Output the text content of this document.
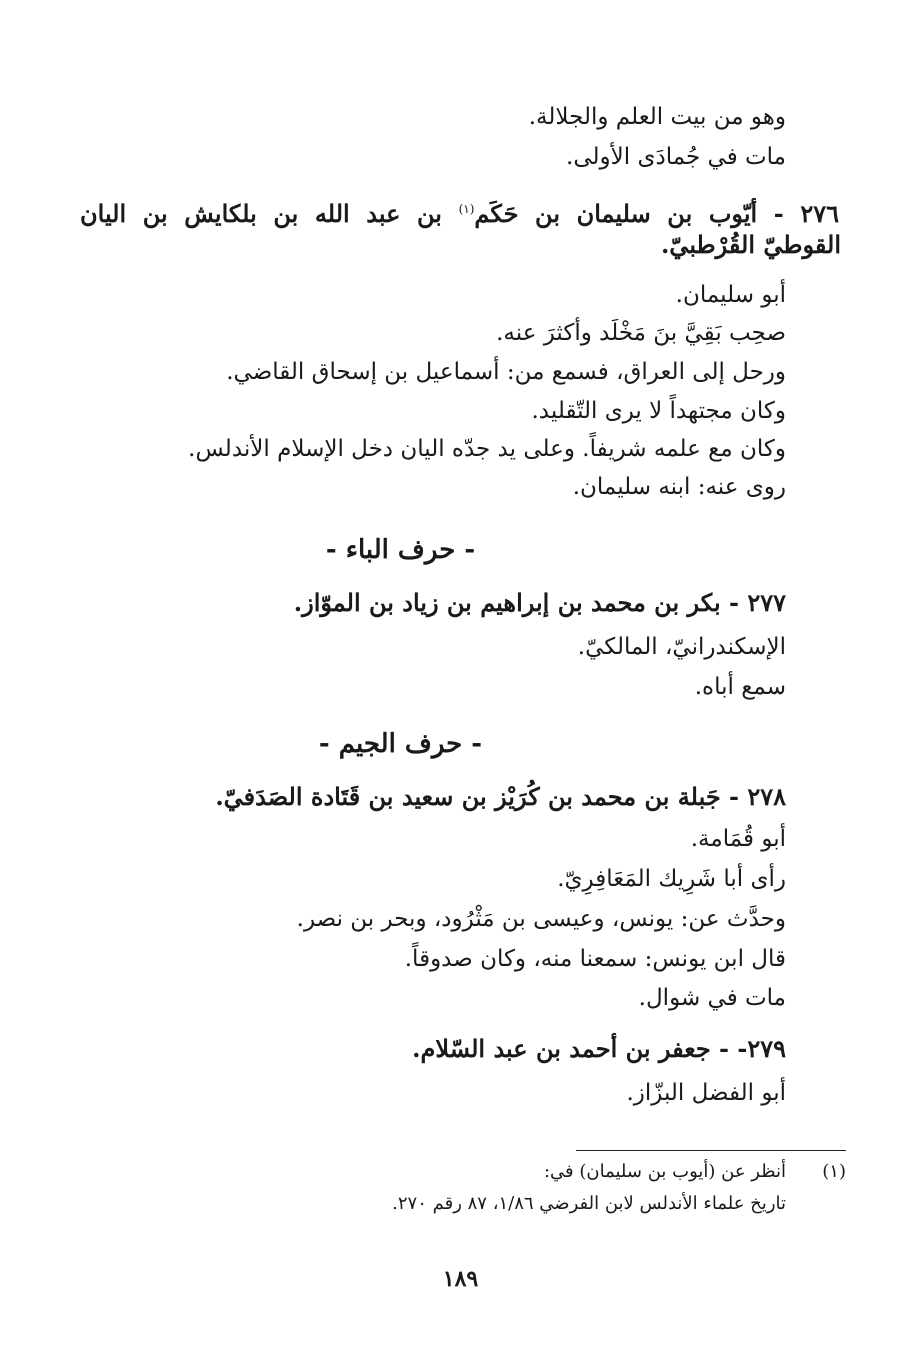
وهو من بيت العلم والجلالة.
مات في جُمادَى الأولى.
٢٧٦ - أيّوب بن سليمان بن حَكَم$^{(١)}$ بن عبد الله بن بلكايش بن اليان
القوطيّ القُرْطبيّ.
أبو سليمان.
صحِب بَقِيَّ بنَ مَخْلَد وأكثرَ عنه.
ورحل إلى العراق، فسمع من: أسماعيل بن إسحاق القاضي.
وكان مجتهداً لا يرى التّقليد.
وكان مع علمه شريفاً. وعلى يد جدّه اليان دخل الإسلام الأندلس.
روى عنه: ابنه سليمان.
- حرف الباء -
٢٧٧ - بكر بن محمد بن إبراهيم بن زياد بن الموّاز.
الإسكندرانيّ، المالكيّ.
سمع أباه.
- حرف الجيم -
٢٧٨ - جَبلة بن محمد بن كُرَيْز بن سعيد بن قَتَادة الصَدَفيّ.
أبو قُمَامة.
رأى أبا شَرِيك المَعَافِرِيّ.
وحدَّث عن: يونس، وعيسى بن مَثْرُود، وبحر بن نصر.
قال ابن يونس: سمعنا منه، وكان صدوقاً.
مات في شوال.
٢٧٩- - جعفر بن أحمد بن عبد السّلام.
أبو الفضل البزّاز.
(١)
أنظر عن (أيوب بن سليمان) في:
تاريخ علماء الأندلس لابن الفرضي ١/٨٦، ٨٧ رقم ٢٧٠.
١٨٩
